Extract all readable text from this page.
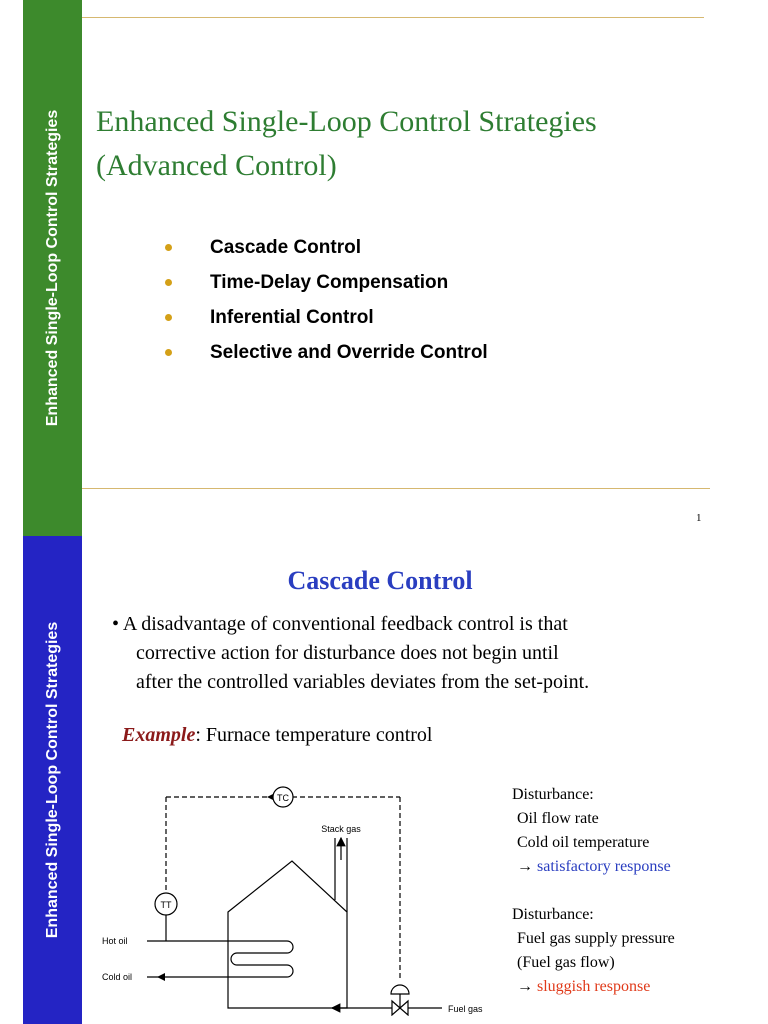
Enhanced Single-Loop Control Strategies Enhanced Single-Loop Control Strategies
(Advanced Control)
Cascade Control
Time-Delay Compensation
Inferential Control
Selective and Override Control
1
Enhanced Single-Loop Control Strategies
Cascade Control
• A disadvantage of conventional feedback control is that
corrective action for disturbance does not begin until
after the controlled variables deviates from the set-point.
Example: Furnace temperature control
TC
TT
Stack gas
Hot oil
Cold oil
Fuel gas
Disturbance:
Oil flow rate
Cold oil temperature
→ satisfactory response
Disturbance:
Fuel gas supply pressure
(Fuel gas flow)
→ sluggish response
